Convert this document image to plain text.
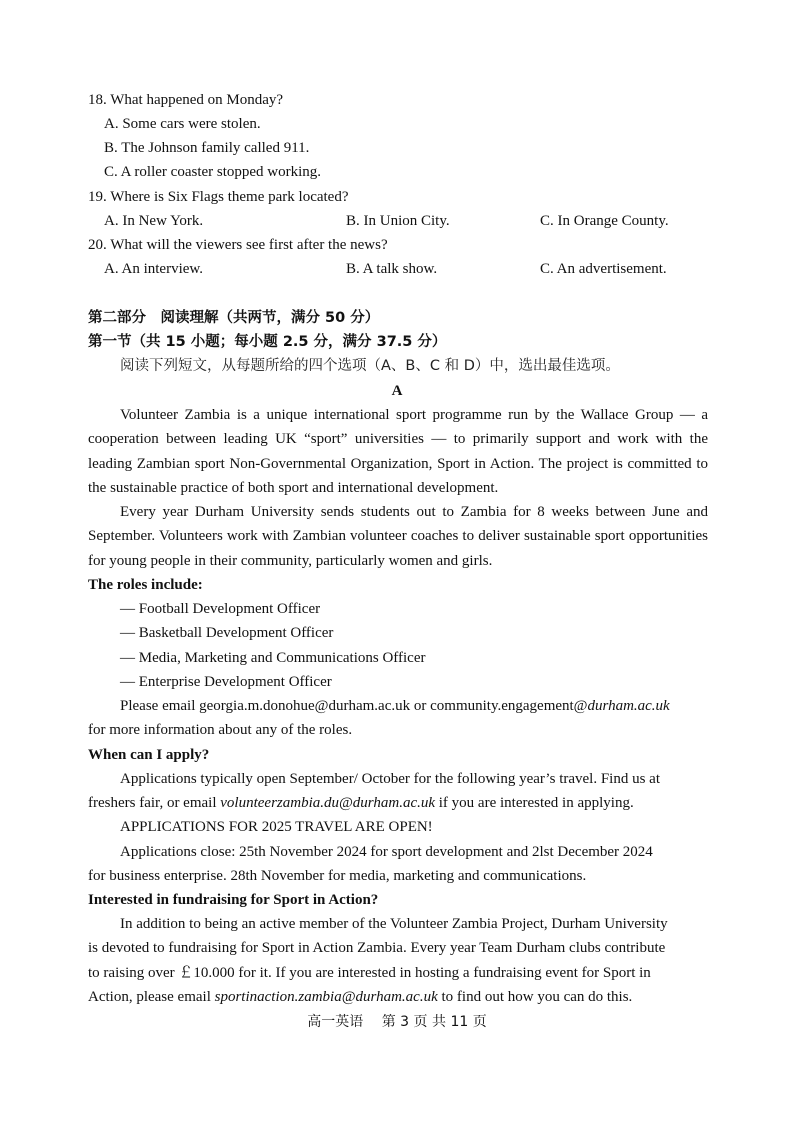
18. What happened on Monday?
A. Some cars were stolen.
B. The Johnson family called 911.
C. A roller coaster stopped working.
19. Where is Six Flags theme park located?
A. In New York.	B. In Union City.	C. In Orange County.
20. What will the viewers see first after the news?
A. An interview.	B. A talk show.	C. An advertisement.
第二部分　阅读理解（共两节，满分 50 分）
第一节（共 15 小题；每小题 2.5 分，满分 37.5 分）
阅读下列短文，从每题所给的四个选项（A、B、C 和 D）中，选出最佳选项。
A
Volunteer Zambia is a unique international sport programme run by the Wallace Group — a cooperation between leading UK “sport” universities — to primarily support and work with the leading Zambian sport Non-Governmental Organization, Sport in Action. The project is committed to the sustainable practice of both sport and international development.
Every year Durham University sends students out to Zambia for 8 weeks between June and September. Volunteers work with Zambian volunteer coaches to deliver sustainable sport opportunities for young people in their community, particularly women and girls.
The roles include:
— Football Development Officer
— Basketball Development Officer
— Media, Marketing and Communications Officer
— Enterprise Development Officer
Please email georgia.m.donohue@durham.ac.uk or community.engagement@durham.ac.uk
for more information about any of the roles.
When can I apply?
Applications typically open September/ October for the following year’s travel. Find us at
freshers fair, or email volunteerzambia.du@durham.ac.uk if you are interested in applying.
APPLICATIONS FOR 2025 TRAVEL ARE OPEN!
Applications close: 25th November 2024 for sport development and 2lst December 2024
for business enterprise. 28th November for media, marketing and communications.
Interested in fundraising for Sport in Action?
In addition to being an active member of the Volunteer Zambia Project, Durham University
is devoted to fundraising for Sport in Action Zambia. Every year Team Durham clubs contribute
to raising over ￡10.000 for it. If you are interested in hosting a fundraising event for Sport in
Action, please email sportinaction.zambia@durham.ac.uk to find out how you can do this.
高一英语　 第 3 页 共 11 页
